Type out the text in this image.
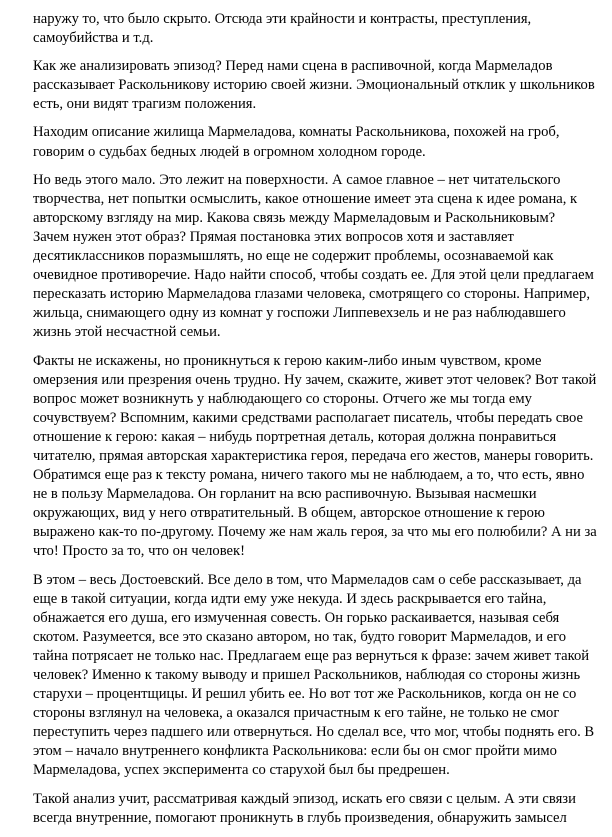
наружу то, что было скрыто. Отсюда эти крайности и контрасты, преступления,
самоубийства и т.д.
Как же анализировать эпизод? Перед нами сцена в распивочной, когда Мармеладов
рассказывает Раскольникову историю своей жизни. Эмоциональный отклик у школьников
есть, они видят трагизм положения.
Находим описание жилища Мармеладова, комнаты Раскольникова, похожей на гроб,
говорим о судьбах бедных людей в огромном холодном городе.
Но ведь этого мало. Это лежит на поверхности. А самое главное – нет читательского
творчества, нет попытки осмыслить, какое отношение имеет эта сцена к идее романа, к
авторскому взгляду на мир. Какова связь между Мармеладовым и Раскольниковым?
Зачем нужен этот образ? Прямая постановка этих вопросов хотя и заставляет
десятиклассников поразмышлять, но еще не содержит проблемы, осознаваемой как
очевидное противоречие. Надо найти способ, чтобы создать ее. Для этой цели предлагаем
пересказать историю Мармеладова глазами человека, смотрящего со стороны. Например,
жильца, снимающего одну из комнат у госпожи Липпевехзель и не раз наблюдавшего
жизнь этой несчастной семьи.
Факты не искажены, но проникнуться к герою каким-либо иным чувством, кроме
омерзения или презрения очень трудно. Ну зачем, скажите, живет этот человек? Вот такой
вопрос может возникнуть у наблюдающего со стороны. Отчего же мы тогда ему
сочувствуем? Вспомним, какими средствами располагает писатель, чтобы передать свое
отношение к герою: какая – нибудь портретная деталь, которая должна понравиться
читателю, прямая авторская характеристика героя, передача его жестов, манеры говорить.
Обратимся еще раз к тексту романа, ничего такого мы не наблюдаем, а то, что есть, явно
не в пользу Мармеладова. Он горланит на всю распивочную. Вызывая насмешки
окружающих, вид у него отвратительный. В общем, авторское отношение к герою
выражено как-то по-другому. Почему же нам жаль героя, за что мы его полюбили? А ни за
что! Просто за то, что он человек!
В этом – весь Достоевский. Все дело в том, что Мармеладов сам о себе рассказывает, да
еще в такой ситуации, когда идти ему уже некуда. И здесь раскрывается его тайна,
обнажается его душа, его измученная совесть. Он горько раскаивается, называя себя
скотом. Разумеется, все это сказано автором, но так, будто говорит Мармеладов, и его
тайна потрясает не только нас. Предлагаем еще раз вернуться к фразе: зачем живет такой
человек? Именно к такому выводу и пришел Раскольников, наблюдая со стороны жизнь
старухи – процентщицы. И решил убить ее. Но вот тот же Раскольников, когда он не со
стороны взглянул на человека, а оказался причастным к его тайне, не только не смог
переступить через падшего или отвернуться. Но сделал все, что мог, чтобы поднять его. В
этом – начало внутреннего конфликта Раскольникова: если бы он смог пройти мимо
Мармеладова, успех эксперимента со старухой был бы предрешен.
Такой анализ учит, рассматривая каждый эпизод, искать его связи с целым. А эти связи
всегда внутренние, помогают проникнуть в глубь произведения, обнаружить замысел
